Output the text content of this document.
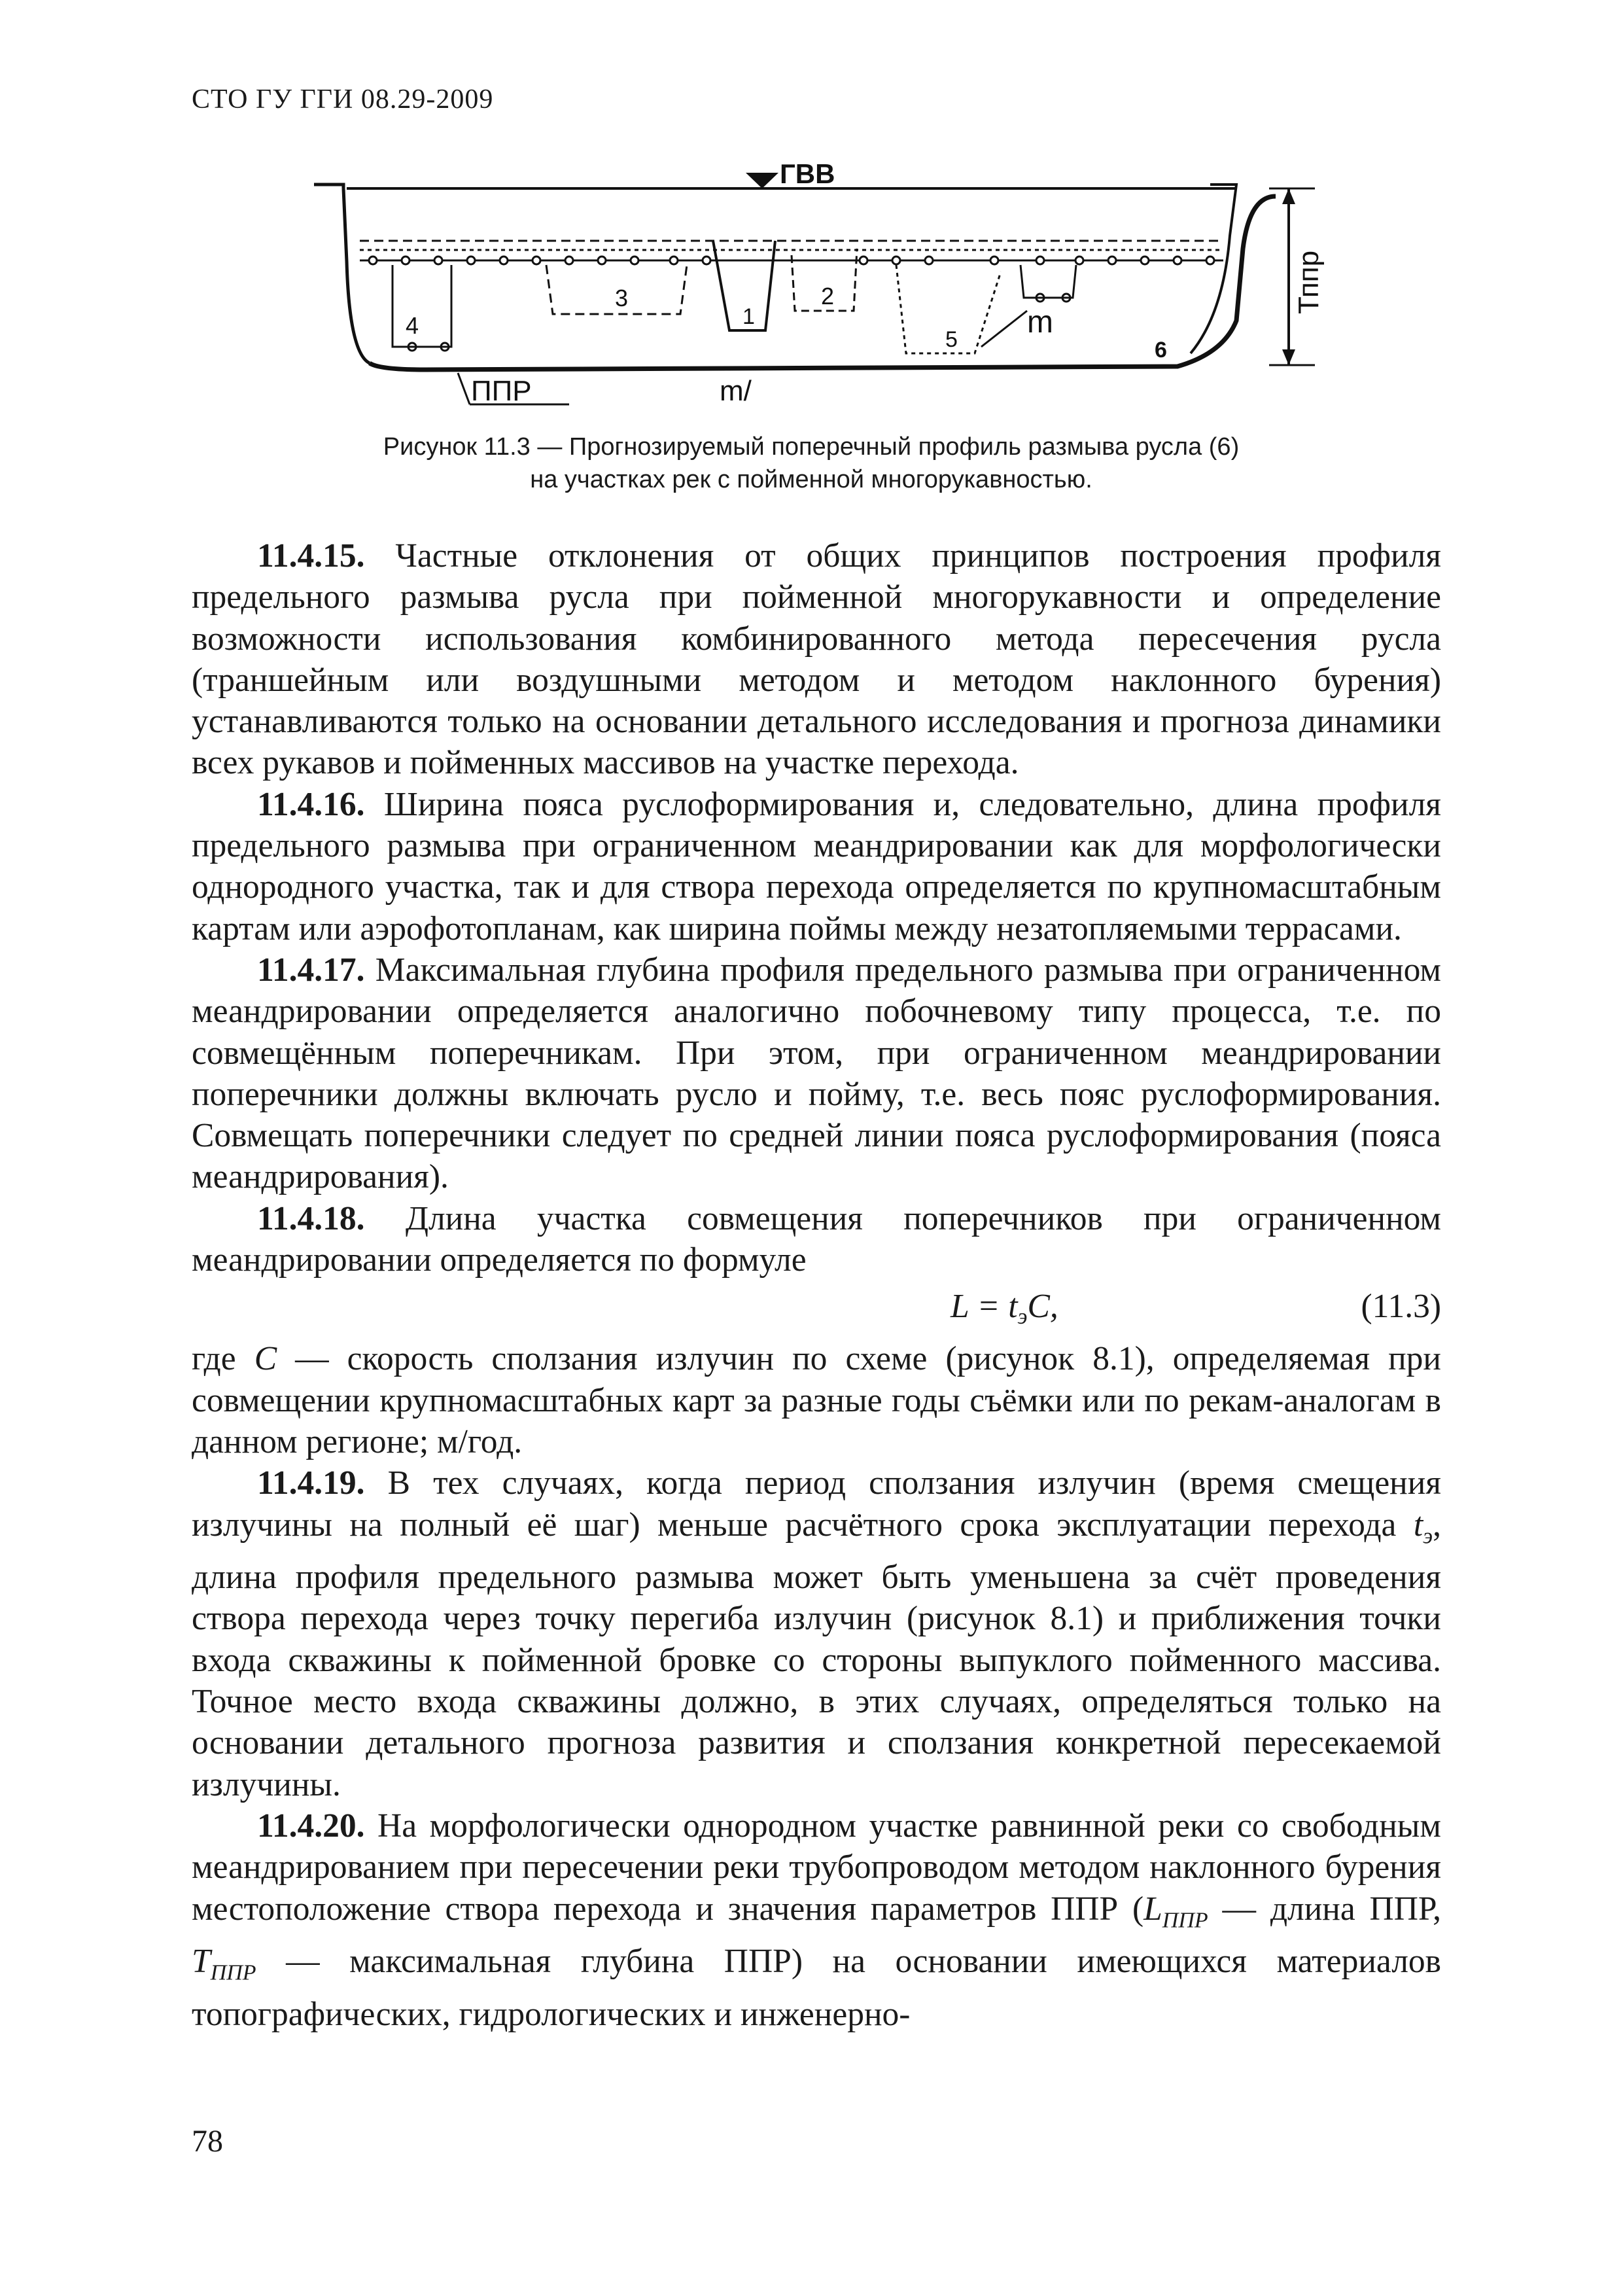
СТО ГУ ГГИ 08.29-2009
ГВВ
4
3
1
2
5 m
6
Тппр
ППР	m/
Рисунок 11.3 — Прогнозируемый поперечный профиль размыва русла (6)
на участках рек с пойменной многорукавностью.

11.4.15. Частные отклонения от общих принципов построения профиля предельного размыва русла при пойменной многорукавности и определение возможности использования комбинированного метода пересечения русла (траншейным или воздушными методом и методом наклонного бурения) устанавливаются только на основании детального исследования и прогноза динамики всех рукавов и пойменных массивов на участке перехода.

11.4.16. Ширина пояса руслоформирования и, следовательно, длина профиля предельного размыва при ограниченном меандрировании как для морфологически однородного участка, так и для створа перехода определяется по крупномасштабным картам или аэрофотопланам, как ширина поймы между незатопляемыми террасами.

11.4.17. Максимальная глубина профиля предельного размыва при ограниченном меандрировании определяется аналогично побочневому типу процесса, т.е. по совмещённым поперечникам. При этом, при ограниченном меандрировании поперечники должны включать русло и пойму, т.е. весь пояс руслоформирования. Совмещать поперечники следует по средней линии пояса руслоформирования (пояса меандрирования).

11.4.18. Длина участка совмещения поперечников при ограниченном меандрировании определяется по формуле

$L = t_эC$,	(11.3)

где C — скорость сползания излучин по схеме (рисунок 8.1), определяемая при совмещении крупномасштабных карт за разные годы съёмки или по рекам-аналогам в данном регионе; м/год.

11.4.19. В тех случаях, когда период сползания излучин (время смещения излучины на полный её шаг) меньше расчётного срока эксплуатации перехода $t_э$, длина профиля предельного размыва может быть уменьшена за счёт проведения створа перехода через точку перегиба излучин (рисунок 8.1) и приближения точки входа скважины к пойменной бровке со стороны выпуклого пойменного массива. Точное место входа скважины должно, в этих случаях, определяться только на основании детального прогноза развития и сползания конкретной пересекаемой излучины.

11.4.20. На морфологически однородном участке равнинной реки со свободным меандрированием при пересечении реки трубопроводом методом наклонного бурения местоположение створа перехода и значения параметров ППР ($L_{ППР}$ — длина ППР, $T_{ППР}$ — максимальная глубина ППР) на основании имеющихся материалов топографических, гидрологических и инженерно-

78
